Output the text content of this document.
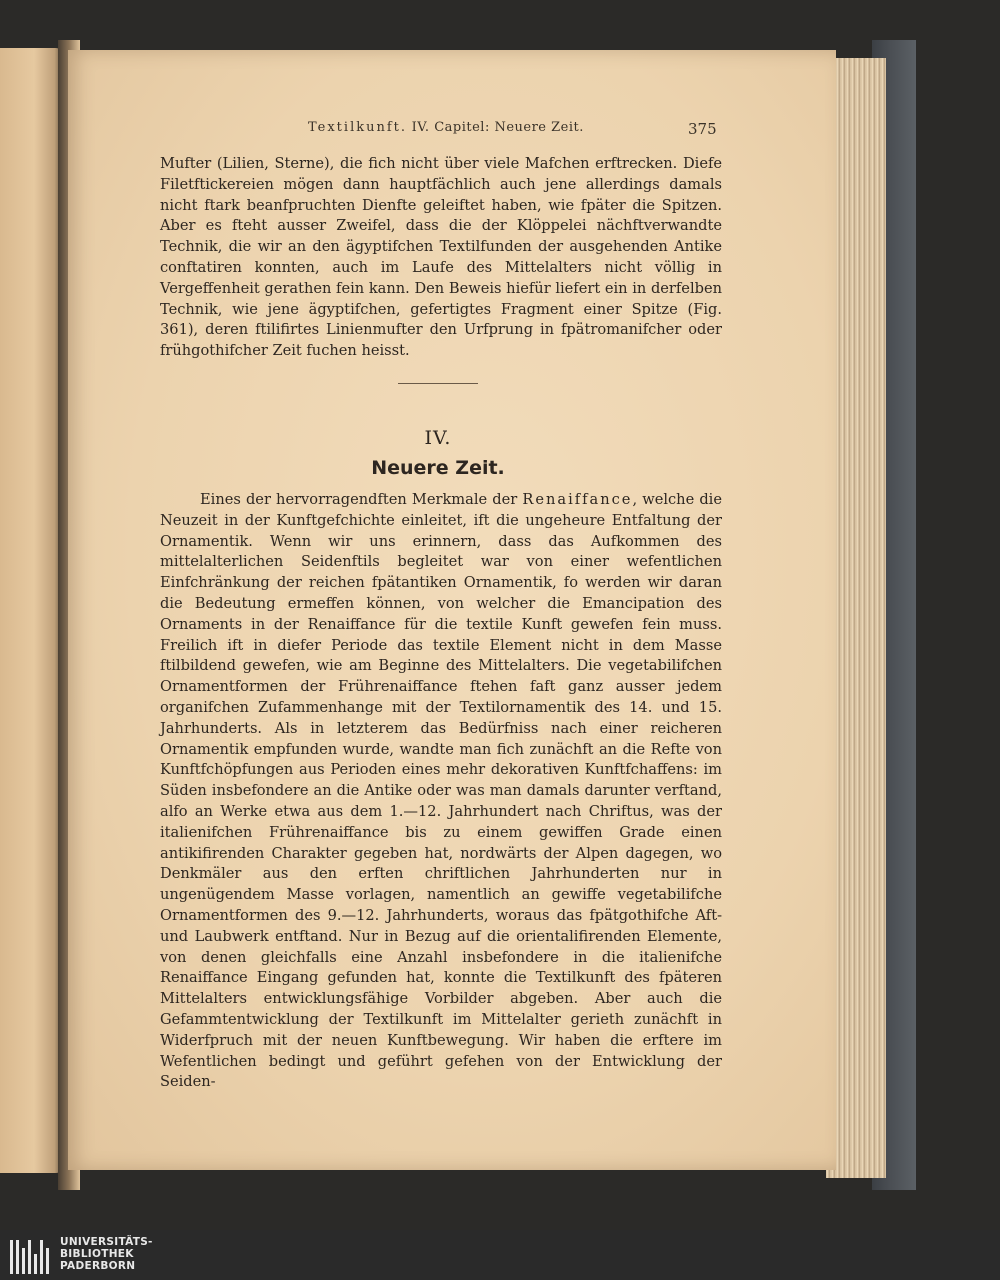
Textilkunft. IV. Capitel: Neuere Zeit.	375

Mufter (Lilien, Sterne), die fich nicht über viele Mafchen erftrecken. Diefe Filetftickereien mögen dann hauptfächlich auch jene allerdings damals nicht ftark beanfpruchten Dienfte geleiftet haben, wie fpäter die Spitzen. Aber es fteht ausser Zweifel, dass die der Klöppelei nächftverwandte Technik, die wir an den ägyptifchen Textilfunden der ausgehenden Antike conftatiren konnten, auch im Laufe des Mittelalters nicht völlig in Vergeffenheit gerathen fein kann. Den Beweis hiefür liefert ein in derfelben Technik, wie jene ägyptifchen, gefertigtes Fragment einer Spitze (Fig. 361), deren ftilifirtes Linienmufter den Urfprung in fpätromanifcher oder frühgothifcher Zeit fuchen heisst.

IV.
Neuere Zeit.

Eines der hervorragendften Merkmale der Renaiffance, welche die Neuzeit in der Kunftgefchichte einleitet, ift die ungeheure Entfaltung der Ornamentik. Wenn wir uns erinnern, dass das Aufkommen des mittelalterlichen Seidenftils begleitet war von einer wefentlichen Einfchränkung der reichen fpätantiken Ornamentik, fo werden wir daran die Bedeutung ermeffen können, von welcher die Emancipation des Ornaments in der Renaiffance für die textile Kunft gewefen fein muss. Freilich ift in diefer Periode das textile Element nicht in dem Masse ftilbildend gewefen, wie am Beginne des Mittelalters. Die vegetabilifchen Ornamentformen der Frührenaiffance ftehen faft ganz ausser jedem organifchen Zufammenhange mit der Textilornamentik des 14. und 15. Jahrhunderts. Als in letzterem das Bedürfniss nach einer reicheren Ornamentik empfunden wurde, wandte man fich zunächft an die Refte von Kunftfchöpfungen aus Perioden eines mehr dekorativen Kunftfchaffens: im Süden insbefondere an die Antike oder was man damals darunter verftand, alfo an Werke etwa aus dem 1.—12. Jahrhundert nach Chriftus, was der italienifchen Frührenaiffance bis zu einem gewiffen Grade einen antikifirenden Charakter gegeben hat, nordwärts der Alpen dagegen, wo Denkmäler aus den erften chriftlichen Jahrhunderten nur in ungenügendem Masse vorlagen, namentlich an gewiffe vegetabilifche Ornamentformen des 9.—12. Jahrhunderts, woraus das fpätgothifche Aft- und Laubwerk entftand. Nur in Bezug auf die orientalifirenden Elemente, von denen gleichfalls eine Anzahl insbefondere in die italienifche Renaiffance Eingang gefunden hat, konnte die Textilkunft des fpäteren Mittelalters entwicklungsfähige Vorbilder abgeben. Aber auch die Gefammtentwicklung der Textilkunft im Mittelalter gerieth zunächft in Widerfpruch mit der neuen Kunftbewegung. Wir haben die erftere im Wefentlichen bedingt und geführt gefehen von der Entwicklung der Seiden-

UNIVERSITÄTS-
BIBLIOTHEK
PADERBORN
